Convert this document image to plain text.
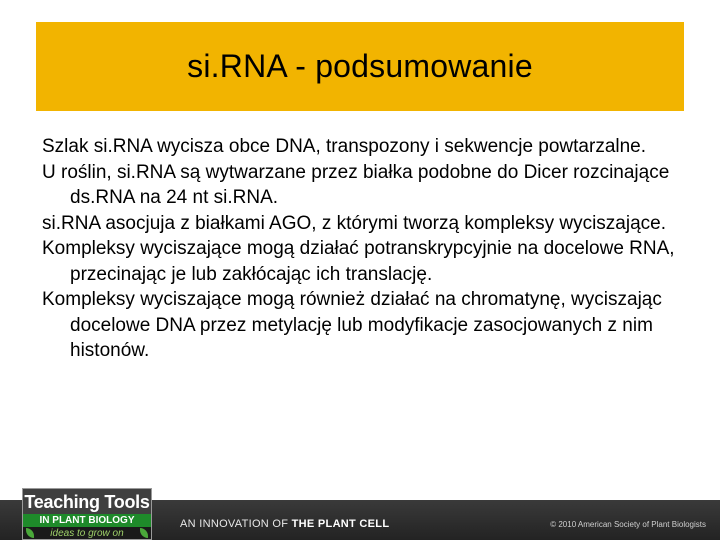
si.RNA - podsumowanie
Szlak si.RNA wycisza obce DNA, transpozony i sekwencje powtarzalne.
U roślin, si.RNA są wytwarzane przez białka podobne do Dicer rozcinające ds.RNA na 24 nt si.RNA.
si.RNA asocjuja z białkami AGO, z którymi tworzą kompleksy wyciszające.
Kompleksy wyciszające mogą działać potranskrypcyjnie na docelowe RNA, przecinając je lub zakłócając ich translację.
Kompleksy wyciszające mogą również działać na chromatynę, wyciszając docelowe DNA przez metylację lub modyfikacje zasocjowanych z nim histonów.
Teaching Tools
IN PLANT BIOLOGY
ideas to grow on
AN INNOVATION OF THE PLANT CELL	© 2010 American Society of Plant Biologists
